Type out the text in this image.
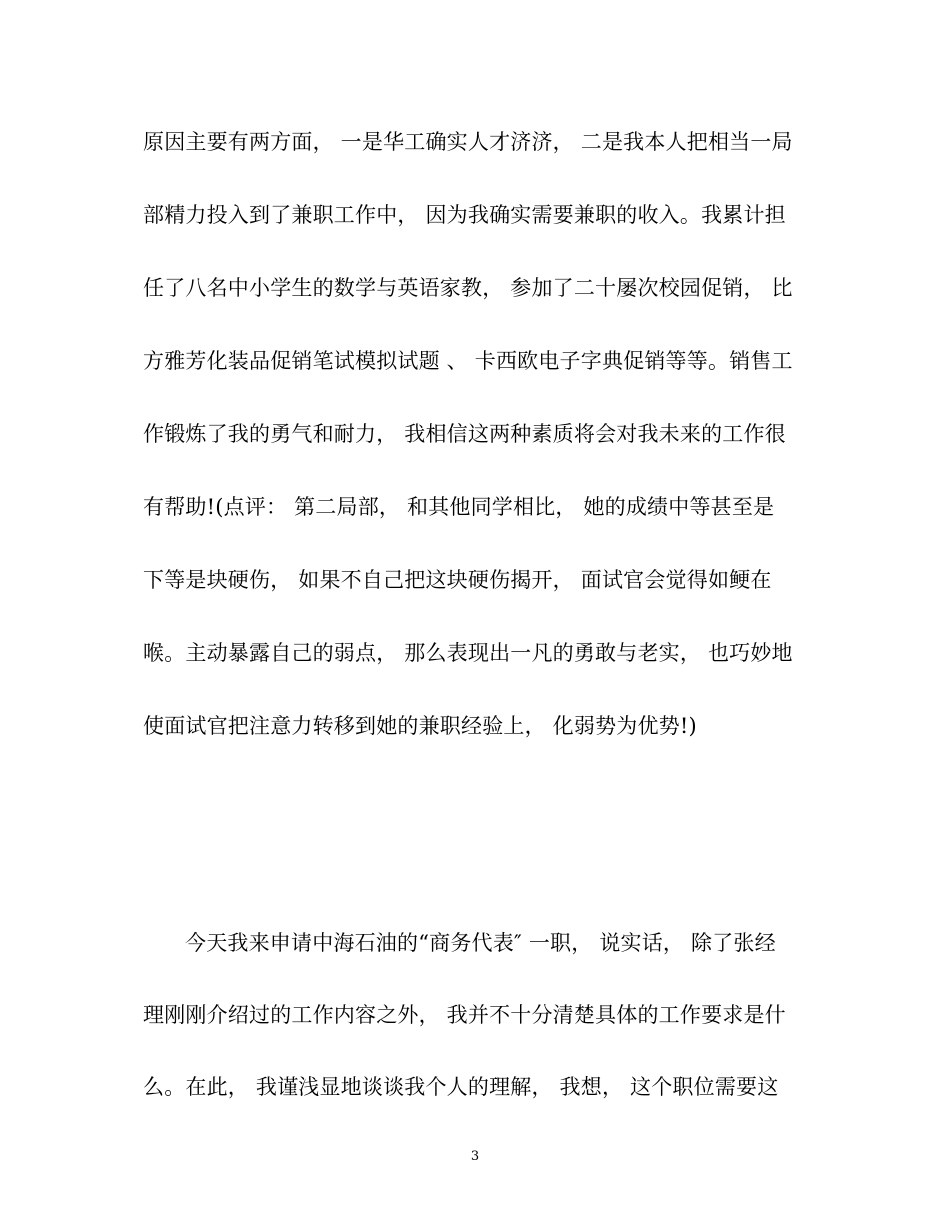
原因主要有两方面， 一是华工确实人才济济， 二是我本人把相当一局
部精力投入到了兼职工作中， 因为我确实需要兼职的收入。我累计担
任了八名中小学生的数学与英语家教， 参加了二十屡次校园促销， 比
方雅芳化装品促销笔试模拟试题 、 卡西欧电子字典促销等等。销售工
作锻炼了我的勇气和耐力， 我相信这两种素质将会对我未来的工作很
有帮助!(点评： 第二局部， 和其他同学相比， 她的成绩中等甚至是
下等是块硬伤， 如果不自己把这块硬伤揭开， 面试官会觉得如鲠在
喉。主动暴露自己的弱点， 那么表现出一凡的勇敢与老实， 也巧妙地
使面试官把注意力转移到她的兼职经验上， 化弱势为优势!)
今天我来申请中海石油的“商务代表″ 一职， 说实话， 除了张经
理刚刚介绍过的工作内容之外， 我并不十分清楚具体的工作要求是什
么。在此， 我谨浅显地谈谈我个人的理解， 我想， 这个职位需要这
3
